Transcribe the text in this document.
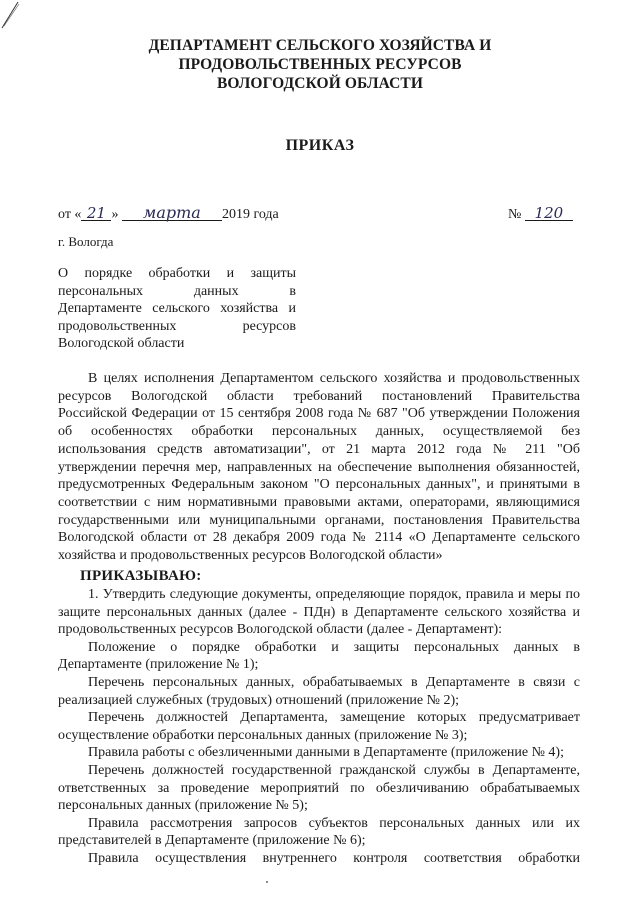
ДЕПАРТАМЕНТ СЕЛЬСКОГО ХОЗЯЙСТВА И
ПРОДОВОЛЬСТВЕННЫХ РЕСУРСОВ
ВОЛОГОДСКОЙ ОБЛАСТИ
ПРИКАЗ
от « 21 » марта 2019 года	№ 120
г. Вологда
О порядке обработки и защиты
персональных данных в
Департаменте сельского хозяйства и
продовольственных ресурсов
Вологодской области
В целях исполнения Департаментом сельского хозяйства и продовольственных
ресурсов Вологодской области требований постановлений Правительства
Российской Федерации от 15 сентября 2008 года № 687 "Об утверждении Положения
об особенностях обработки персональных данных, осуществляемой без
использования средств автоматизации", от 21 марта 2012 года № 211 "Об
утверждении перечня мер, направленных на обеспечение выполнения обязанностей,
предусмотренных Федеральным законом "О персональных данных", и принятыми в
соответствии с ним нормативными правовыми актами, операторами, являющимися
государственными или муниципальными органами, постановления Правительства
Вологодской области от 28 декабря 2009 года № 2114 «О Департаменте сельского
хозяйства и продовольственных ресурсов Вологодской области»
ПРИКАЗЫВАЮ:
1. Утвердить следующие документы, определяющие порядок, правила и меры по
защите персональных данных (далее - ПДн) в Департаменте сельского хозяйства и
продовольственных ресурсов Вологодской области (далее - Департамент):
Положение о порядке обработки и защиты персональных данных в
Департаменте (приложение № 1);
Перечень персональных данных, обрабатываемых в Департаменте в связи с
реализацией служебных (трудовых) отношений (приложение № 2);
Перечень должностей Департамента, замещение которых предусматривает
осуществление обработки персональных данных (приложение № 3);
Правила работы с обезличенными данными в Департаменте (приложение № 4);
Перечень должностей государственной гражданской службы в Департаменте,
ответственных за проведение мероприятий по обезличиванию обрабатываемых
персональных данных (приложение № 5);
Правила рассмотрения запросов субъектов персональных данных или их
представителей в Департаменте (приложение № 6);
Правила осуществления внутреннего контроля соответствия обработки
